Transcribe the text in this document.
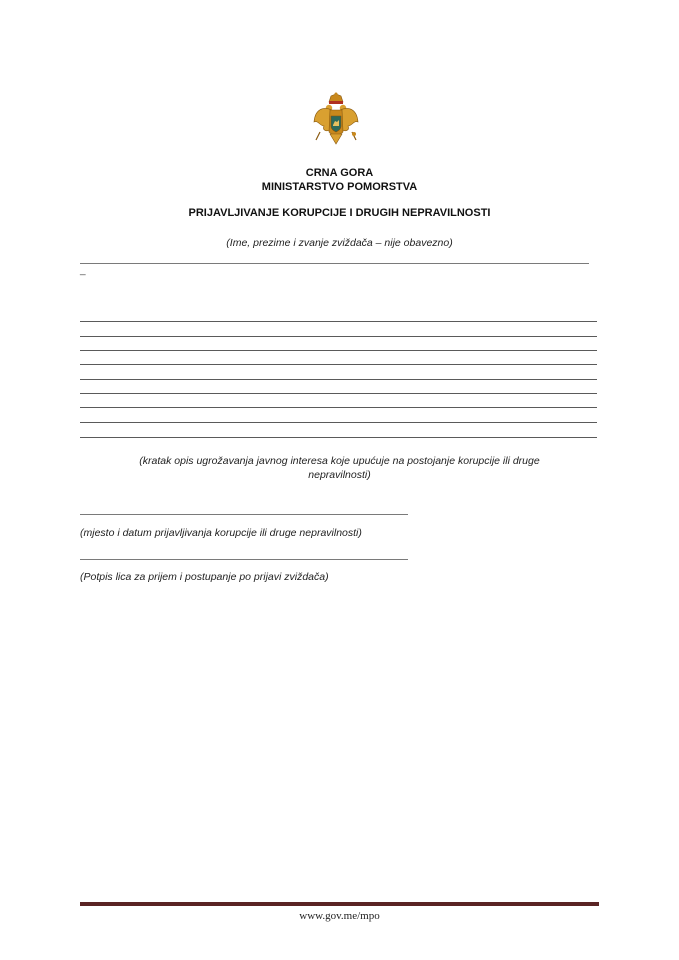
CRNA GORA
MINISTARSTVO POMORSTVA
PRIJAVLJIVANJE KORUPCIJE I DRUGIH NEPRAVILNOSTI
(Ime, prezime i zvanje zviždača – nije obavezno)
_
(kratak opis ugrožavanja javnog interesa koje upućuje na postojanje korupcije ili druge
nepravilnosti)
(mjesto i datum prijavljivanja korupcije ili druge nepravilnosti)
(Potpis lica za prijem i postupanje po prijavi zviždača)
www.gov.me/mpo
